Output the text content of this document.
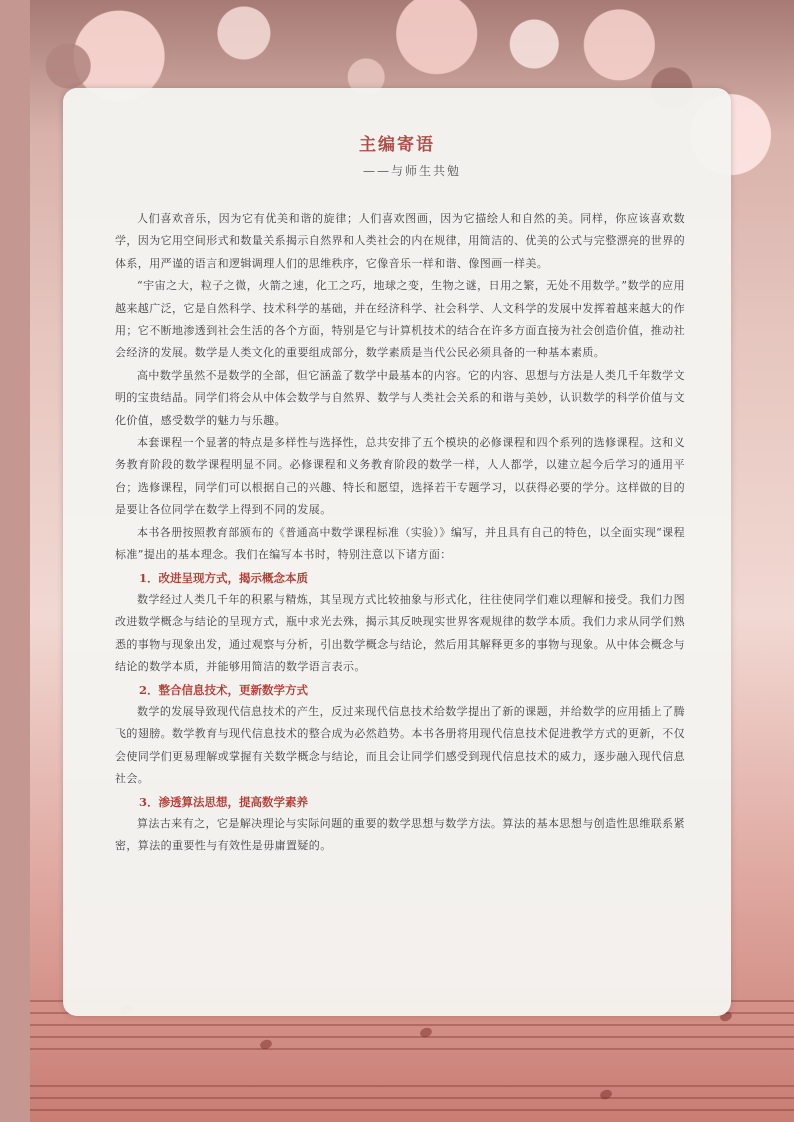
主编寄语
——与师生共勉

人们喜欢音乐，因为它有优美和谐的旋律；人们喜欢图画，因为它描绘人和自然的美。同样，你应该喜欢数学，因为它用空间形式和数量关系揭示自然界和人类社会的内在规律，用简洁的、优美的公式与完整漂亮的世界的体系，用严谨的语言和逻辑调理人们的思维秩序，它像音乐一样和谐、像图画一样美。

“宇宙之大，粒子之微，火箭之速，化工之巧，地球之变，生物之谜，日用之繁，无处不用数学。”数学的应用越来越广泛，它是自然科学、技术科学的基础，并在经济科学、社会科学、人文科学的发展中发挥着越来越大的作用；它不断地渗透到社会生活的各个方面，特别是它与计算机技术的结合在许多方面直接为社会创造价值，推动社会经济的发展。数学是人类文化的重要组成部分，数学素质是当代公民必须具备的一种基本素质。

高中数学虽然不是数学的全部，但它涵盖了数学中最基本的内容。它的内容、思想与方法是人类几千年数学文明的宝贵结晶。同学们将会从中体会数学与自然界、数学与人类社会关系的和谐与美妙，认识数学的科学价值与文化价值，感受数学的魅力与乐趣。

本套课程一个显著的特点是多样性与选择性，总共安排了五个模块的必修课程和四个系列的选修课程。这和义务教育阶段的数学课程明显不同。必修课程和义务教育阶段的数学一样，人人都学，以建立起今后学习的通用平台；选修课程，同学们可以根据自己的兴趣、特长和愿望，选择若干专题学习，以获得必要的学分。这样做的目的是要让各位同学在数学上得到不同的发展。

本书各册按照教育部颁布的《普通高中数学课程标准（实验）》编写，并且具有自己的特色，以全面实现“课程标准”提出的基本理念。我们在编写本书时，特别注意以下诸方面：

1．改进呈现方式，揭示概念本质

数学经过人类几千年的积累与精炼，其呈现方式比较抽象与形式化，往往使同学们难以理解和接受。我们力图改进数学概念与结论的呈现方式，瓶中求光去殊，揭示其反映现实世界客观规律的数学本质。我们力求从同学们熟悉的事物与现象出发，通过观察与分析，引出数学概念与结论，然后用其解释更多的事物与现象。从中体会概念与结论的数学本质，并能够用简洁的数学语言表示。

2．整合信息技术，更新数学方式

数学的发展导致现代信息技术的产生，反过来现代信息技术给数学提出了新的课题，并给数学的应用插上了腾飞的翅膀。数学教育与现代信息技术的整合成为必然趋势。本书各册将用现代信息技术促进教学方式的更新，不仅会使同学们更易理解或掌握有关数学概念与结论，而且会让同学们感受到现代信息技术的威力，逐步融入现代信息社会。

3．渗透算法思想，提高数学素养

算法古来有之，它是解决理论与实际问题的重要的数学思想与数学方法。算法的基本思想与创造性思维联系紧密，算法的重要性与有效性是毋庸置疑的。
